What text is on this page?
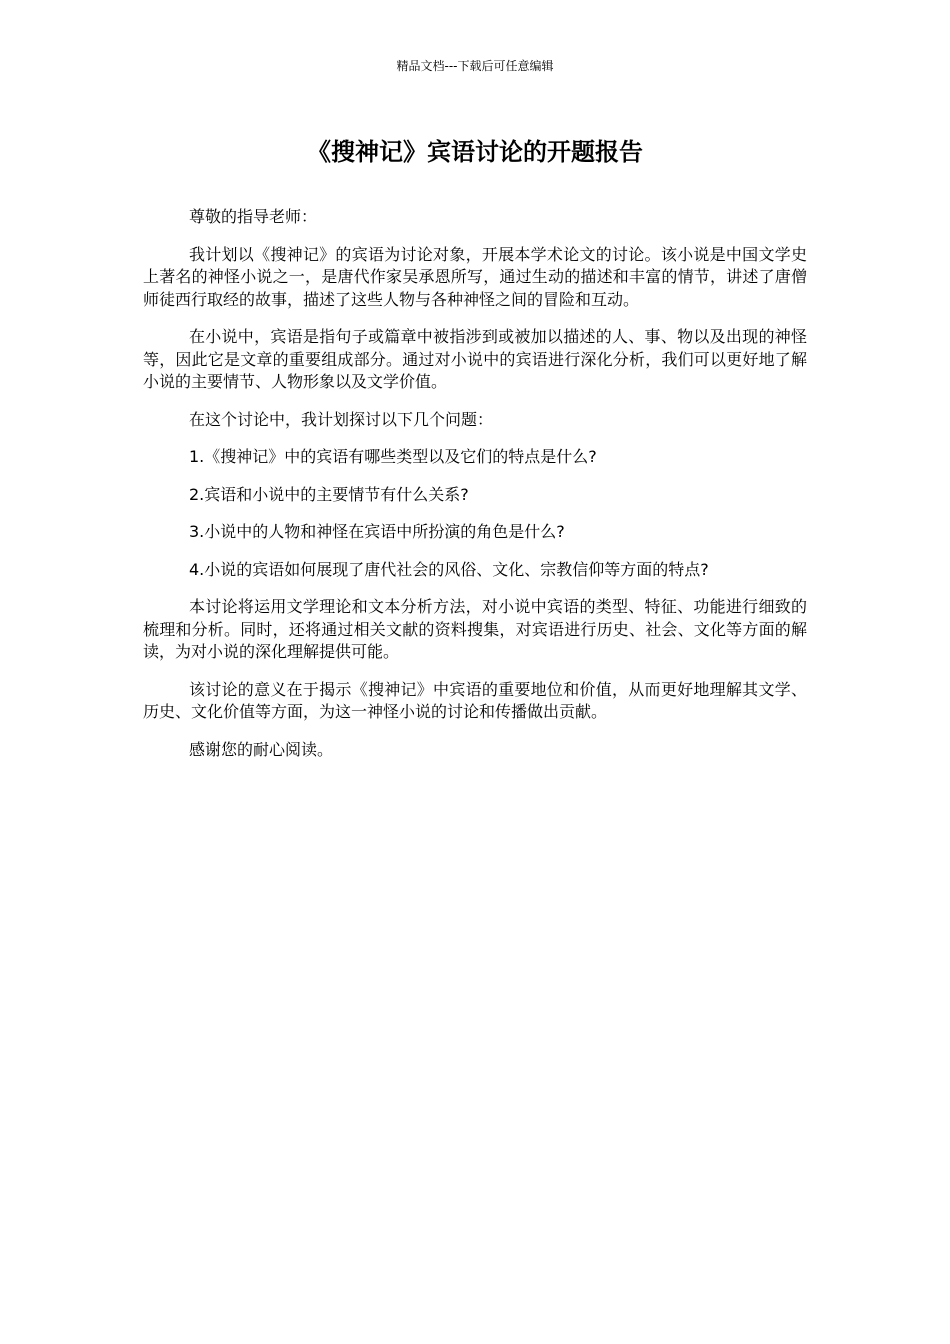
精品文档---下载后可任意编辑
《搜神记》宾语讨论的开题报告

尊敬的指导老师：

我计划以《搜神记》的宾语为讨论对象，开展本学术论文的讨论。该小说是中国文学史上著名的神怪小说之一，是唐代作家吴承恩所写，通过生动的描述和丰富的情节，讲述了唐僧师徒西行取经的故事，描述了这些人物与各种神怪之间的冒险和互动。

在小说中，宾语是指句子或篇章中被指涉到或被加以描述的人、事、物以及出现的神怪等，因此它是文章的重要组成部分。通过对小说中的宾语进行深化分析，我们可以更好地了解小说的主要情节、人物形象以及文学价值。

在这个讨论中，我计划探讨以下几个问题：

1.《搜神记》中的宾语有哪些类型以及它们的特点是什么?

2.宾语和小说中的主要情节有什么关系?

3.小说中的人物和神怪在宾语中所扮演的角色是什么?

4.小说的宾语如何展现了唐代社会的风俗、文化、宗教信仰等方面的特点?

本讨论将运用文学理论和文本分析方法，对小说中宾语的类型、特征、功能进行细致的梳理和分析。同时，还将通过相关文献的资料搜集，对宾语进行历史、社会、文化等方面的解读，为对小说的深化理解提供可能。

该讨论的意义在于揭示《搜神记》中宾语的重要地位和价值，从而更好地理解其文学、历史、文化价值等方面，为这一神怪小说的讨论和传播做出贡献。

感谢您的耐心阅读。
